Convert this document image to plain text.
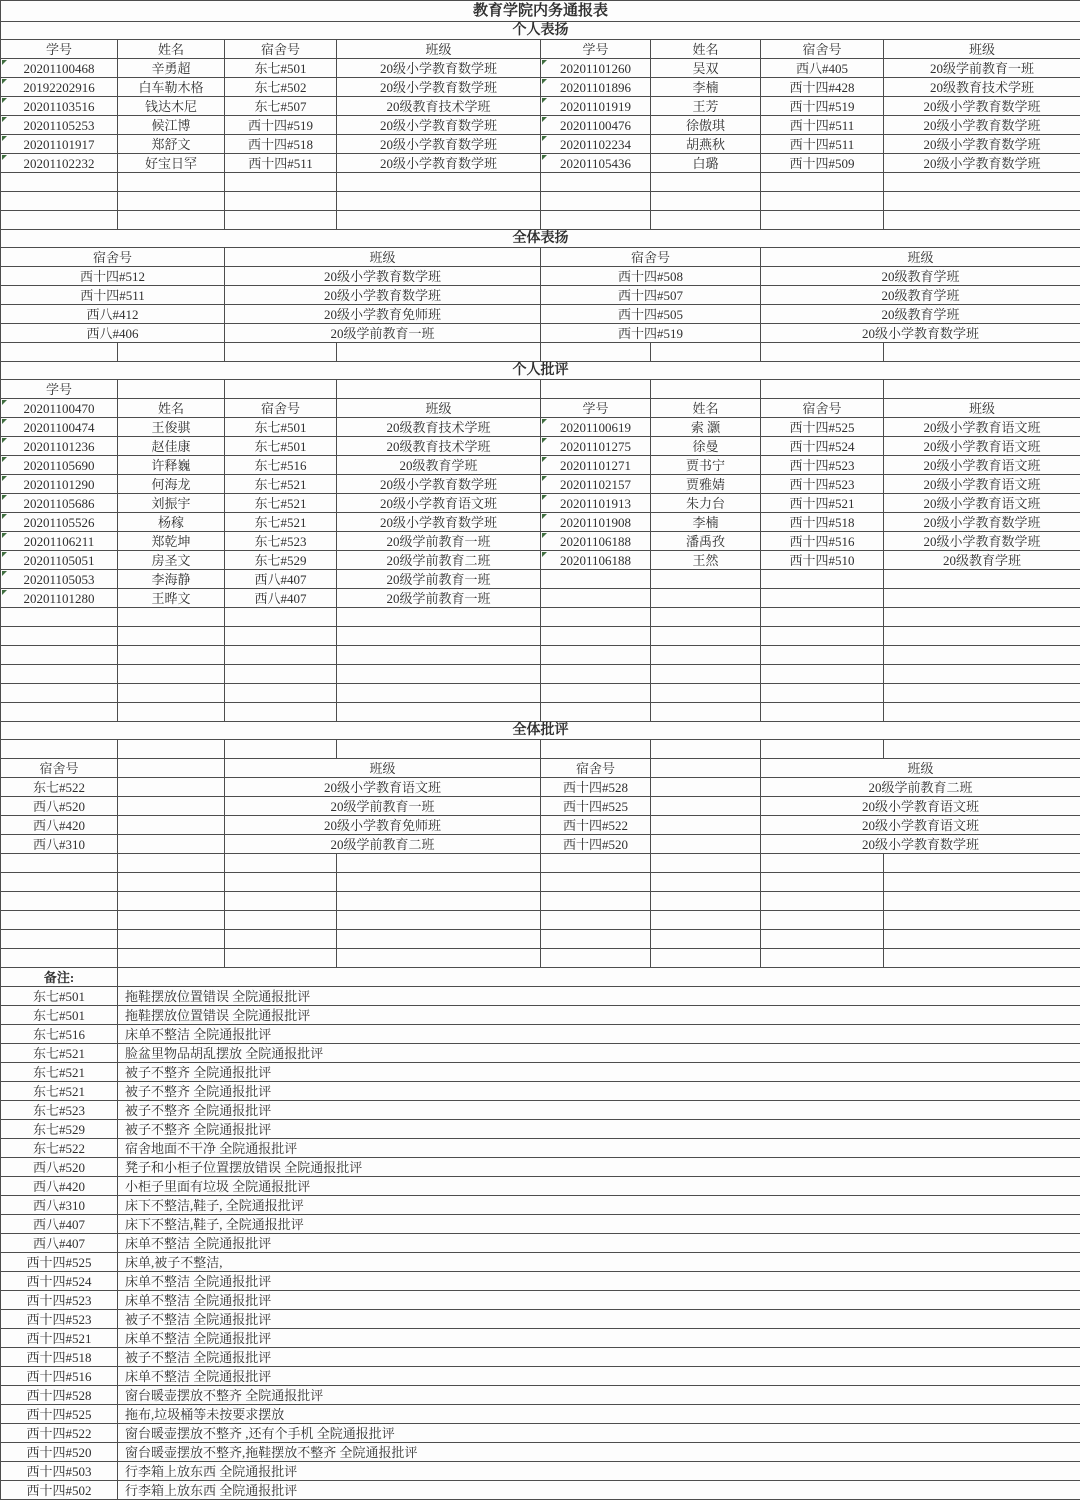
教育学院内务通报表
个人表扬
学号	姓名	宿舍号	班级	学号	姓名	宿舍号	班级
20201100468	辛勇超	东七#501	20级小学教育数学班	20201101260	吴双	西八#405	20级学前教育一班
20192202916	白车勒木格	东七#502	20级小学教育数学班	20201101896	李楠	西十四#428	20级教育技术学班
20201103516	钱达木尼	东七#507	20级教育技术学班	20201101919	王芳	西十四#519	20级小学教育数学班
20201105253	候江博	西十四#519	20级小学教育数学班	20201100476	徐傲琪	西十四#511	20级小学教育数学班
20201101917	郑舒文	西十四#518	20级小学教育数学班	20201102234	胡燕秋	西十四#511	20级小学教育数学班
20201102232	好宝日罕	西十四#511	20级小学教育数学班	20201105436	白璐	西十四#509	20级小学教育数学班
全体表扬
宿舍号	班级	宿舍号	班级
西十四#512	20级小学教育数学班	西十四#508	20级教育学班
西十四#511	20级小学教育数学班	西十四#507	20级教育学班
西八#412	20级小学教育免师班	西十四#505	20级教育学班
西八#406	20级学前教育一班	西十四#519	20级小学教育数学班
个人批评
学号
20201100470	姓名	宿舍号	班级	学号	姓名	宿舍号	班级
20201100474	王俊骐	东七#501	20级教育技术学班	20201100619	索 灏	西十四#525	20级小学教育语文班
20201101236	赵佳康	东七#501	20级教育技术学班	20201101275	徐曼	西十四#524	20级小学教育语文班
20201105690	许释巍	东七#516	20级教育学班	20201101271	贾书宁	西十四#523	20级小学教育语文班
20201101290	何海龙	东七#521	20级小学教育数学班	20201102157	贾雅婧	西十四#523	20级小学教育语文班
20201105686	刘振宇	东七#521	20级小学教育语文班	20201101913	朱力台	西十四#521	20级小学教育语文班
20201105526	杨稼	东七#521	20级小学教育数学班	20201101908	李楠	西十四#518	20级小学教育数学班
20201106211	郑乾坤	东七#523	20级学前教育一班	20201106188	潘禹孜	西十四#516	20级小学教育数学班
20201105051	房圣文	东七#529	20级学前教育二班	20201106188	王然	西十四#510	20级教育学班
20201105053	李海静	西八#407	20级学前教育一班
20201101280	王晔文	西八#407	20级学前教育一班
全体批评
宿舍号	班级	宿舍号	班级
东七#522	20级小学教育语文班	西十四#528	20级学前教育二班
西八#520	20级学前教育一班	西十四#525	20级小学教育语文班
西八#420	20级小学教育免师班	西十四#522	20级小学教育语文班
西八#310	20级学前教育二班	西十四#520	20级小学教育数学班
备注:
东七#501	拖鞋摆放位置错误 全院通报批评
东七#501	拖鞋摆放位置错误 全院通报批评
东七#516	床单不整洁 全院通报批评
东七#521	脸盆里物品胡乱摆放 全院通报批评
东七#521	被子不整齐 全院通报批评
东七#521	被子不整齐 全院通报批评
东七#523	被子不整齐 全院通报批评
东七#529	被子不整齐 全院通报批评
东七#522	宿舍地面不干净 全院通报批评
西八#520	凳子和小柜子位置摆放错误 全院通报批评
西八#420	小柜子里面有垃圾 全院通报批评
西八#310	床下不整洁,鞋子, 全院通报批评
西八#407	床下不整洁,鞋子, 全院通报批评
西八#407	床单不整洁 全院通报批评
西十四#525	床单,被子不整洁,
西十四#524	床单不整洁 全院通报批评
西十四#523	床单不整洁 全院通报批评
西十四#523	被子不整洁 全院通报批评
西十四#521	床单不整洁 全院通报批评
西十四#518	被子不整洁 全院通报批评
西十四#516	床单不整洁 全院通报批评
西十四#528	窗台暖壶摆放不整齐 全院通报批评
西十四#525	拖布,垃圾桶等未按要求摆放
西十四#522	窗台暖壶摆放不整齐 ,还有个手机 全院通报批评
西十四#520	窗台暖壶摆放不整齐,拖鞋摆放不整齐 全院通报批评
西十四#503	行李箱上放东西 全院通报批评
西十四#502	行李箱上放东西 全院通报批评
